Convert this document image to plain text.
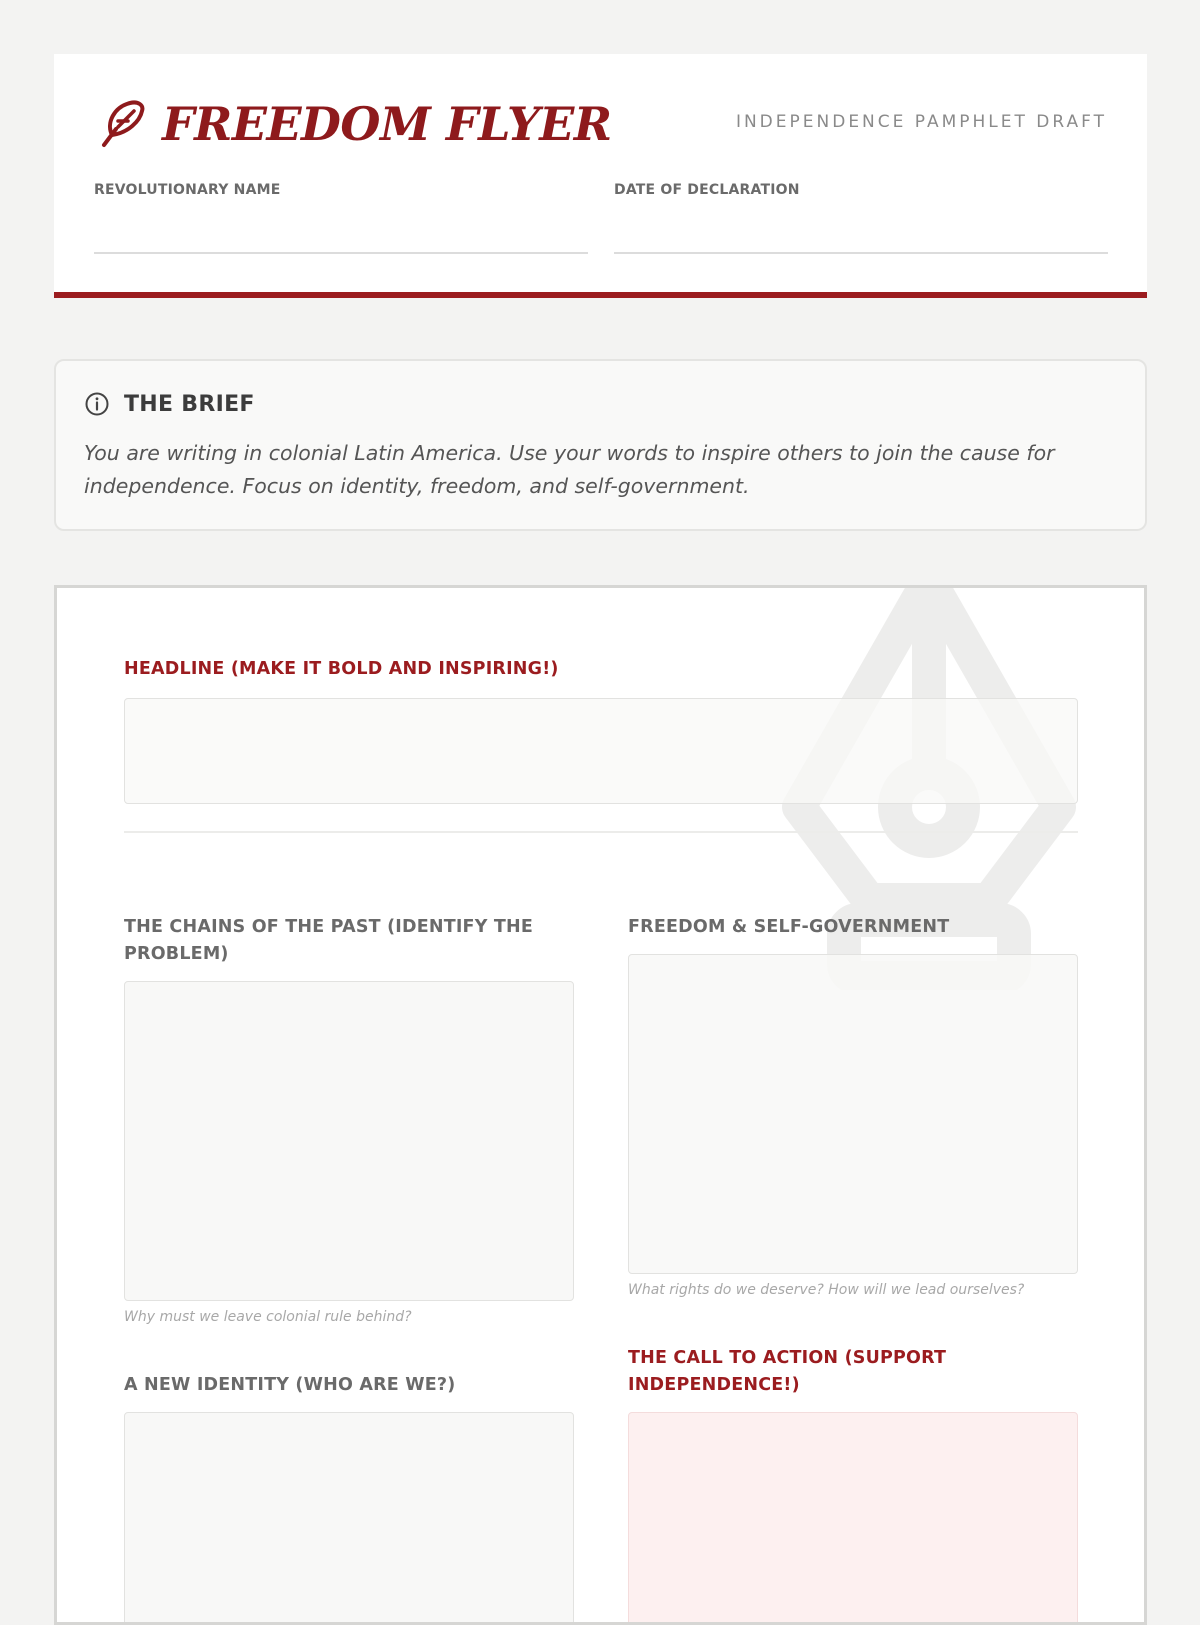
FREEDOM FLYER	INDEPENDENCE PAMPHLET DRAFT
REVOLUTIONARY NAME	DATE OF DECLARATION
THE BRIEF
You are writing in colonial Latin America. Use your words to inspire others to join the cause for independence. Focus on identity, freedom, and self-government.
HEADLINE (MAKE IT BOLD AND INSPIRING!)
THE CHAINS OF THE PAST (IDENTIFY THE PROBLEM)
Why must we leave colonial rule behind?
FREEDOM & SELF-GOVERNMENT
What rights do we deserve? How will we lead ourselves?
A NEW IDENTITY (WHO ARE WE?)
THE CALL TO ACTION (SUPPORT INDEPENDENCE!)
